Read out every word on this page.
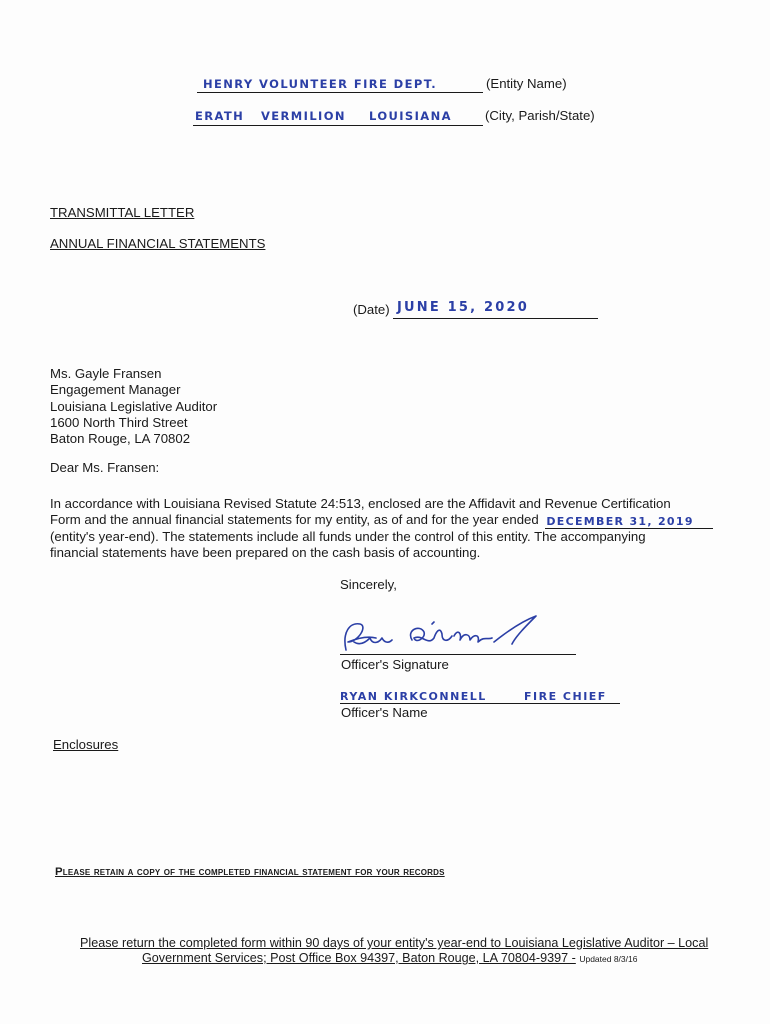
HENRY VOLUNTEER FIRE DEPT.	(Entity Name)
ERATH VERMILION LOUISIANA	(City, Parish/State)
TRANSMITTAL LETTER
ANNUAL FINANCIAL STATEMENTS
(Date) JUNE 15, 2020
Ms. Gayle Fransen
Engagement Manager
Louisiana Legislative Auditor
1600 North Third Street
Baton Rouge, LA 70802
Dear Ms. Fransen:
In accordance with Louisiana Revised Statute 24:513, enclosed are the Affidavit and Revenue Certification
Form and the annual financial statements for my entity, as of and for the year ended DECEMBER 31, 2019
(entity's year-end). The statements include all funds under the control of this entity. The accompanying
financial statements have been prepared on the cash basis of accounting.
Sincerely,
Officer's Signature
RYAN KIRKCONNELL	FIRE CHIEF
Officer's Name
Enclosures
Please retain a copy of the completed financial statement for your records
Please return the completed form within 90 days of your entity's year-end to Louisiana Legislative Auditor – Local
Government Services; Post Office Box 94397, Baton Rouge, LA 70804-9397 - Updated 8/3/16
